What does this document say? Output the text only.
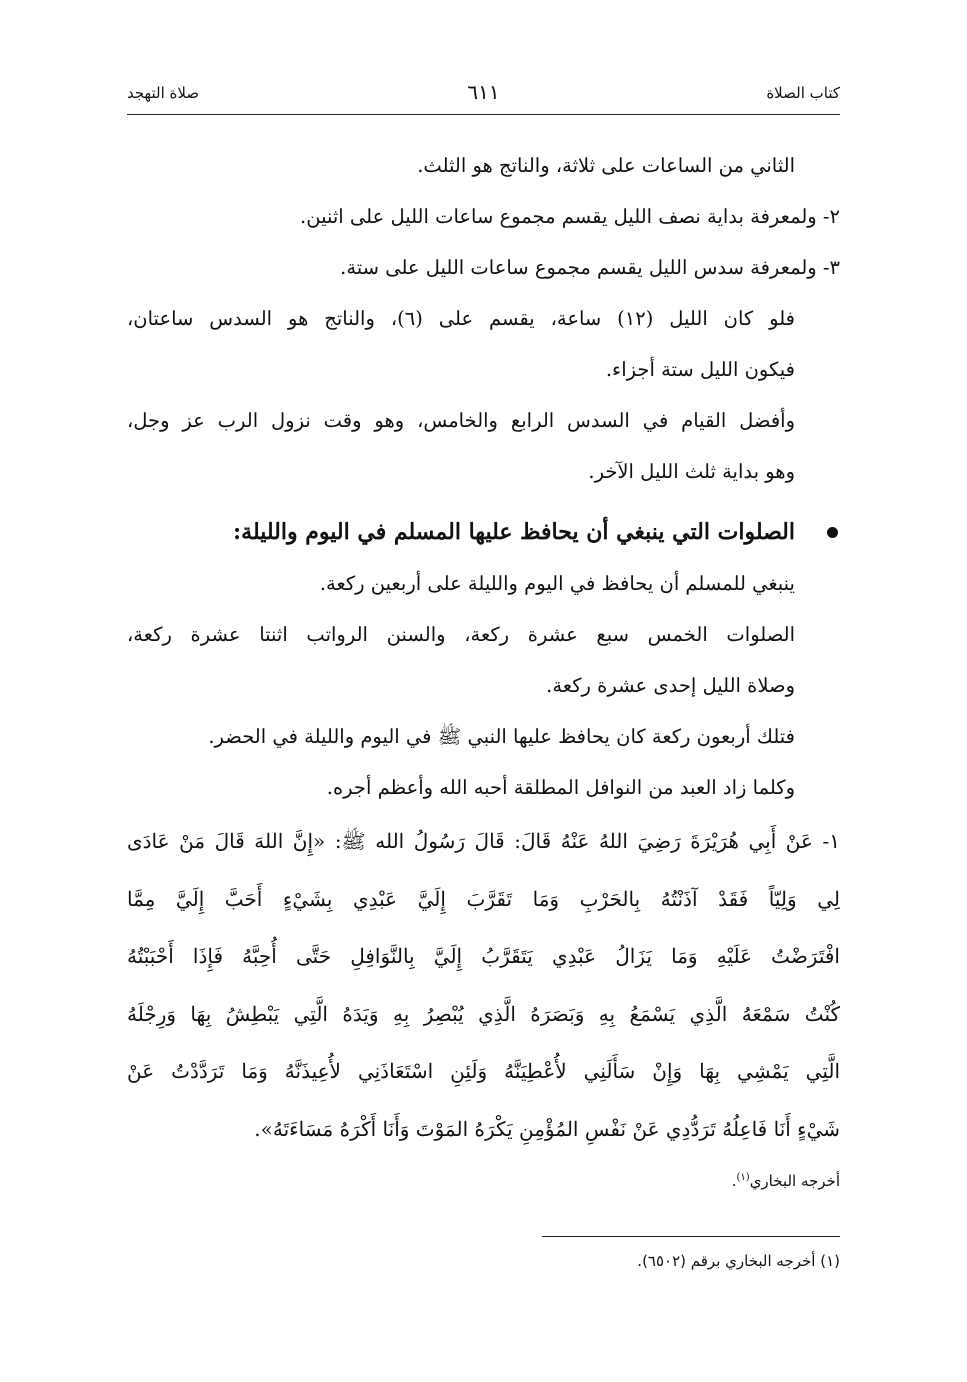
كتاب الصلاة
٦١١
صلاة التهجد
الثاني من الساعات على ثلاثة، والناتج هو الثلث.
٢- ولمعرفة بداية نصف الليل يقسم مجموع ساعات الليل على اثنين.
٣- ولمعرفة سدس الليل يقسم مجموع ساعات الليل على ستة.
فلو كان الليل (١٢) ساعة، يقسم على (٦)، والناتج هو السدس ساعتان،
فيكون الليل ستة أجزاء.
وأفضل القيام في السدس الرابع والخامس، وهو وقت نزول الرب عز وجل،
وهو بداية ثلث الليل الآخر.
الصلوات التي ينبغي أن يحافظ عليها المسلم في اليوم والليلة:
ينبغي للمسلم أن يحافظ في اليوم والليلة على أربعين ركعة.
الصلوات الخمس سبع عشرة ركعة، والسنن الرواتب اثنتا عشرة ركعة،
وصلاة الليل إحدى عشرة ركعة.
فتلك أربعون ركعة كان يحافظ عليها النبي ﷺ في اليوم والليلة في الحضر.
وكلما زاد العبد من النوافل المطلقة أحبه الله وأعظم أجره.
١- عَنْ أَبِي هُرَيْرَةَ رَضِيَ اللهُ عَنْهُ قَالَ: قَالَ رَسُولُ الله ﷺ: «إِنَّ اللهَ قَالَ مَنْ عَادَى
لِي وَلِيّاً فَقَدْ آذَنْتُهُ بِالحَرْبِ وَمَا تَقَرَّبَ إِلَيَّ عَبْدِي بِشَيْءٍ أَحَبَّ إِلَيَّ مِمَّا
افْتَرَضْتُ عَلَيْهِ وَمَا يَزَالُ عَبْدِي يَتَقَرَّبُ إِلَيَّ بِالنَّوَافِلِ حَتَّى أُحِبَّهُ فَإِذَا أَحْبَبْتُهُ
كُنْتُ سَمْعَهُ الَّذِي يَسْمَعُ بِهِ وَبَصَرَهُ الَّذِي يُبْصِرُ بِهِ وَيَدَهُ الَّتِي يَبْطِشُ بِهَا وَرِجْلَهُ
الَّتِي يَمْشِي بِهَا وَإِنْ سَأَلَنِي لأُعْطِيَنَّهُ وَلَئِنِ اسْتَعَاذَنِي لأُعِيذَنَّهُ وَمَا تَرَدَّدْتُ عَنْ
شَيْءٍ أَنَا فَاعِلُهُ تَرَدُّدِي عَنْ نَفْسِ المُؤْمِنِ يَكْرَهُ المَوْتَ وَأَنَا أَكْرَهُ مَسَاءَتَهُ».
أخرجه البخاري$^{(١)}$.
(١) أخرجه البخاري برقم (٦٥٠٢).
